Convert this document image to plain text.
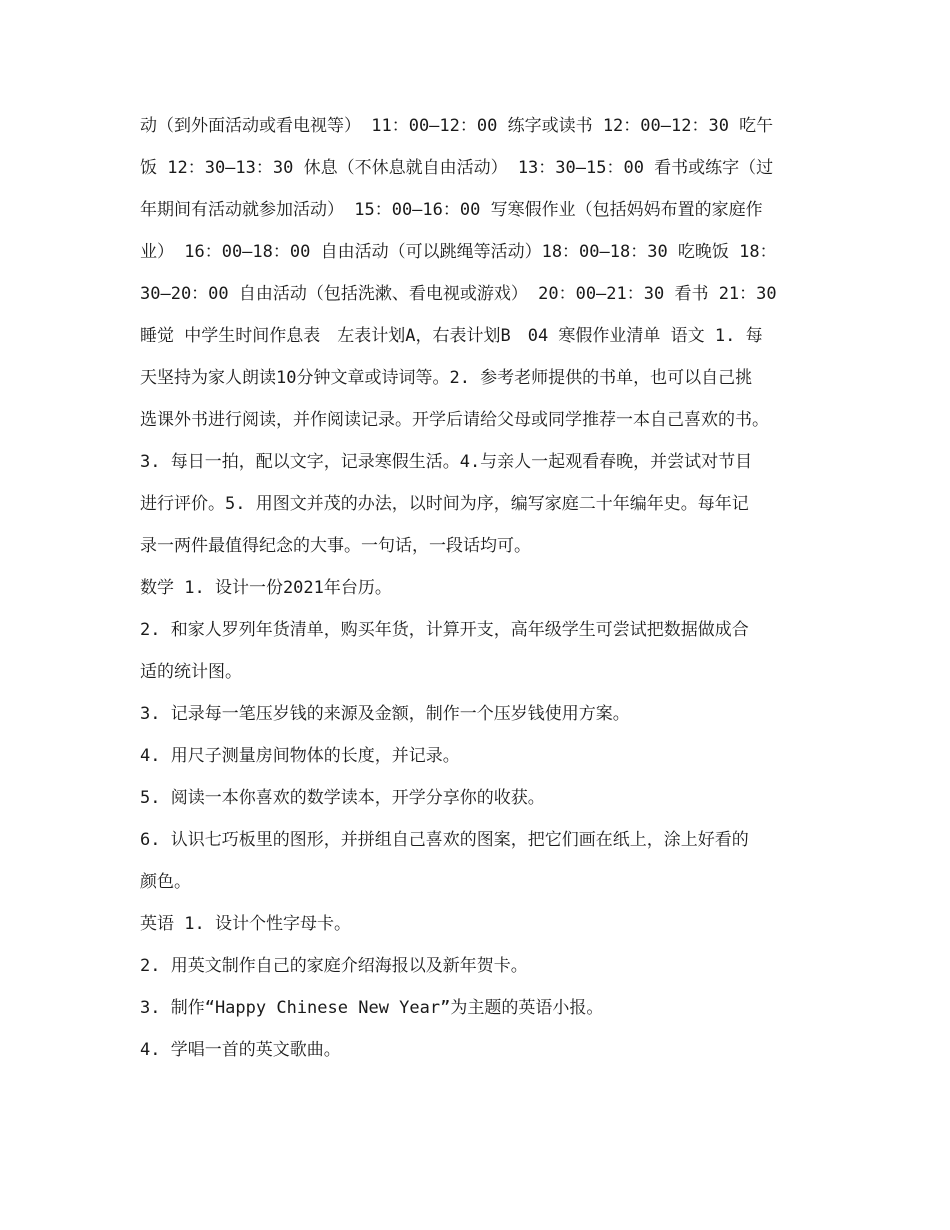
动（到外面活动或看电视等） 11：00—12：00 练字或读书 12：00—12：30 吃午
饭 12：30—13：30 休息（不休息就自由活动） 13：30—15：00 看书或练字（过
年期间有活动就参加活动） 15：00—16：00 写寒假作业（包括妈妈布置的家庭作
业） 16：00—18：00 自由活动（可以跳绳等活动）18：00—18：30 吃晚饭 18：
30—20：00 自由活动（包括洗漱、看电视或游戏） 20：00—21：30 看书 21：30
睡觉 中学生时间作息表　左表计划A，右表计划B　04 寒假作业清单 语文 1. 每
天坚持为家人朗读10分钟文章或诗词等。2. 参考老师提供的书单，也可以自己挑
选课外书进行阅读，并作阅读记录。开学后请给父母或同学推荐一本自己喜欢的书。
3. 每日一拍，配以文字，记录寒假生活。4.与亲人一起观看春晚，并尝试对节目
进行评价。5. 用图文并茂的办法，以时间为序，编写家庭二十年编年史。每年记
录一两件最值得纪念的大事。一句话，一段话均可。
数学 1. 设计一份2021年台历。
2. 和家人罗列年货清单，购买年货，计算开支，高年级学生可尝试把数据做成合
适的统计图。
3. 记录每一笔压岁钱的来源及金额，制作一个压岁钱使用方案。
4. 用尺子测量房间物体的长度，并记录。
5. 阅读一本你喜欢的数学读本，开学分享你的收获。
6. 认识七巧板里的图形，并拼组自己喜欢的图案，把它们画在纸上，涂上好看的
颜色。
英语 1. 设计个性字母卡。
2. 用英文制作自己的家庭介绍海报以及新年贺卡。
3. 制作“Happy Chinese New Year”为主题的英语小报。
4. 学唱一首的英文歌曲。
